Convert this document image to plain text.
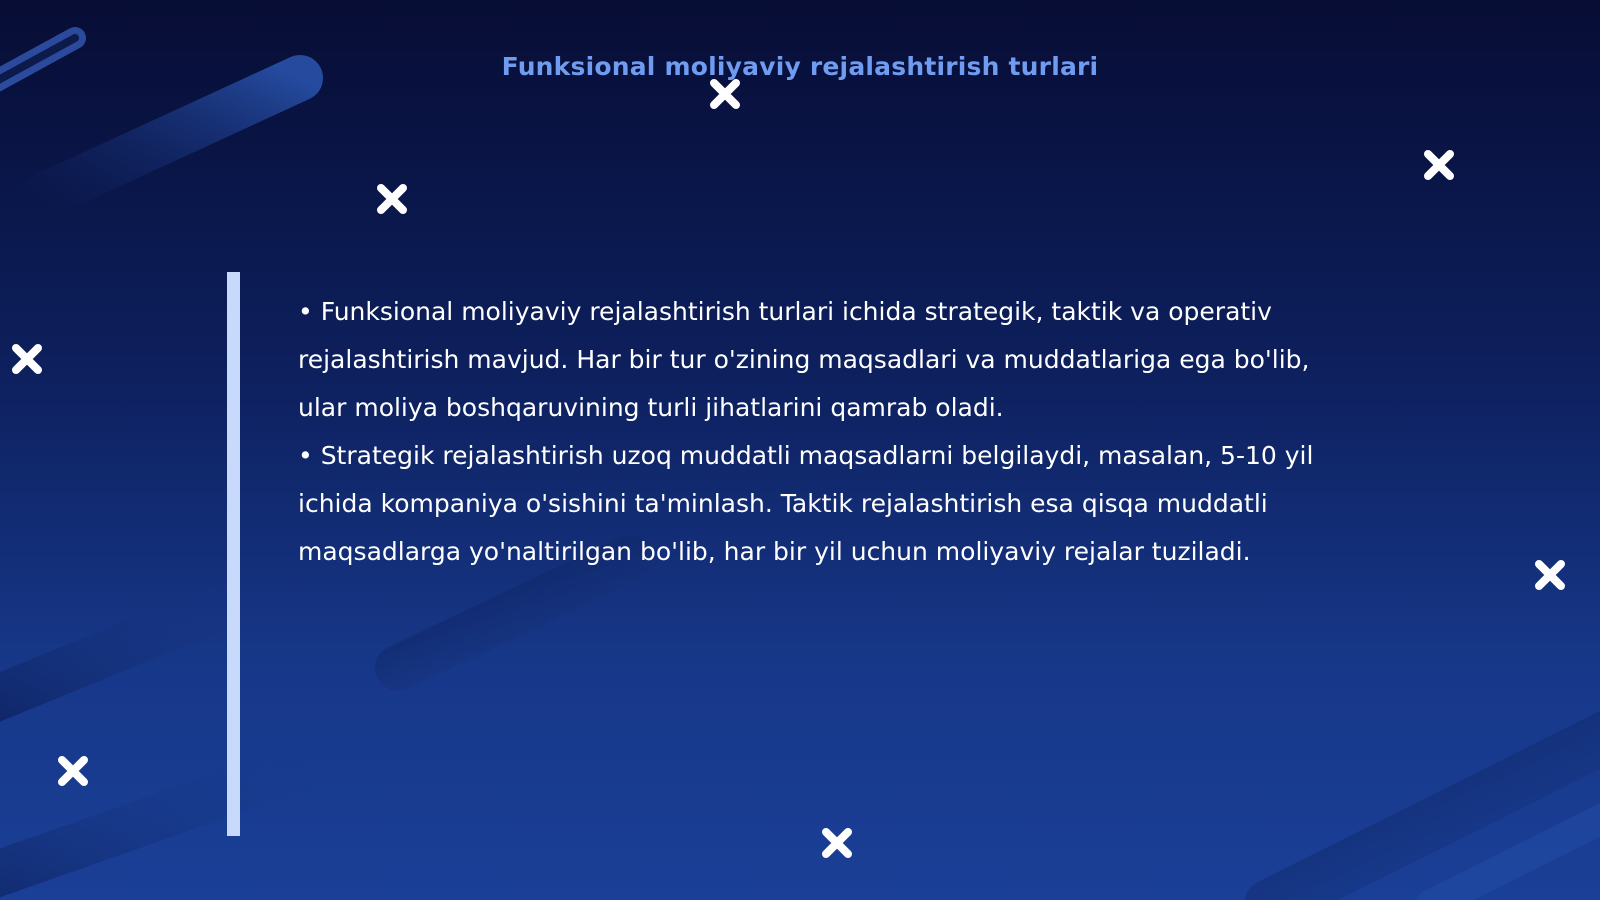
Funksional moliyaviy rejalashtirish turlari

• Funksional moliyaviy rejalashtirish turlari ichida strategik, taktik va operativ rejalashtirish mavjud. Har bir tur o'zining maqsadlari va muddatlariga ega bo'lib, ular moliya boshqaruvining turli jihatlarini qamrab oladi.

• Strategik rejalashtirish uzoq muddatli maqsadlarni belgilaydi, masalan, 5-10 yil ichida kompaniya o'sishini ta'minlash. Taktik rejalashtirish esa qisqa muddatli maqsadlarga yo'naltirilgan bo'lib, har bir yil uchun moliyaviy rejalar tuziladi.
